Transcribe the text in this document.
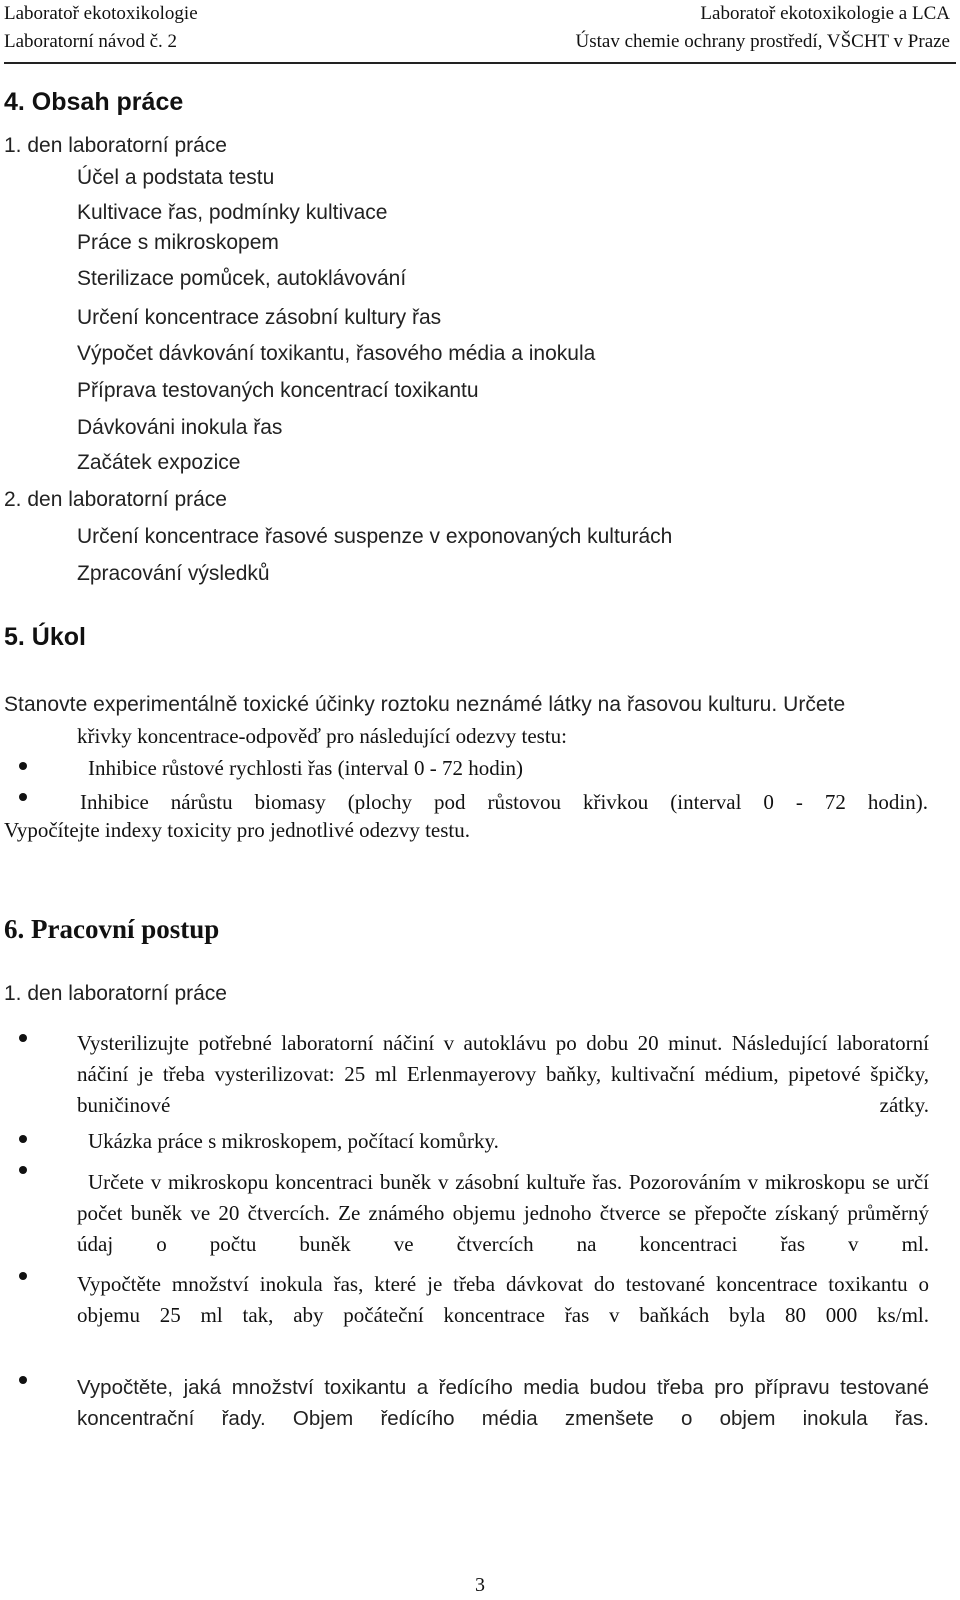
Laboratoř ekotoxikologie	Laboratoř ekotoxikologie a LCA
Laboratorní návod č. 2	Ústav chemie ochrany prostředí, VŠCHT v Praze
4. Obsah práce
1. den laboratorní práce
Účel a podstata testu
Kultivace řas, podmínky kultivace
Práce s mikroskopem
Sterilizace pomůcek, autoklávování
Určení koncentrace zásobní kultury řas
Výpočet dávkování toxikantu, řasového média a inokula
Příprava testovaných koncentrací toxikantu
Dávkováni inokula řas
Začátek expozice
2. den laboratorní práce
Určení koncentrace řasové suspenze v exponovaných kulturách
Zpracování výsledků
5. Úkol
Stanovte experimentálně toxické účinky roztoku neznámé látky na řasovou kulturu. Určete
křivky koncentrace-odpověď pro následující odezvy testu:
Inhibice růstové rychlosti řas (interval 0 - 72 hodin)
Inhibice nárůstu biomasy (plochy pod růstovou křivkou (interval 0 - 72 hodin).
Vypočítejte indexy toxicity pro jednotlivé odezvy testu.
6. Pracovní postup
1. den laboratorní práce
Vysterilizujte potřebné laboratorní náčiní v autoklávu po dobu 20 minut. Následující laboratorní náčiní je třeba vysterilizovat: 25 ml Erlenmayerovy baňky, kultivační médium, pipetové špičky, buničinové zátky.
Ukázka práce s mikroskopem, počítací komůrky.
Určete v mikroskopu koncentraci buněk v zásobní kultuře řas. Pozorováním v mikroskopu se určí počet buněk ve 20 čtvercích. Ze známého objemu jednoho čtverce se přepočte získaný průměrný údaj o počtu buněk ve čtvercích na koncentraci řas v ml.
Vypočtěte množství inokula řas, které je třeba dávkovat do testované koncentrace toxikantu o objemu 25 ml tak, aby počáteční koncentrace řas v baňkách byla 80 000 ks/ml.
Vypočtěte, jaká množství toxikantu a ředícího media budou třeba pro přípravu testované koncentrační řady. Objem ředícího média zmenšete o objem inokula řas.
3
